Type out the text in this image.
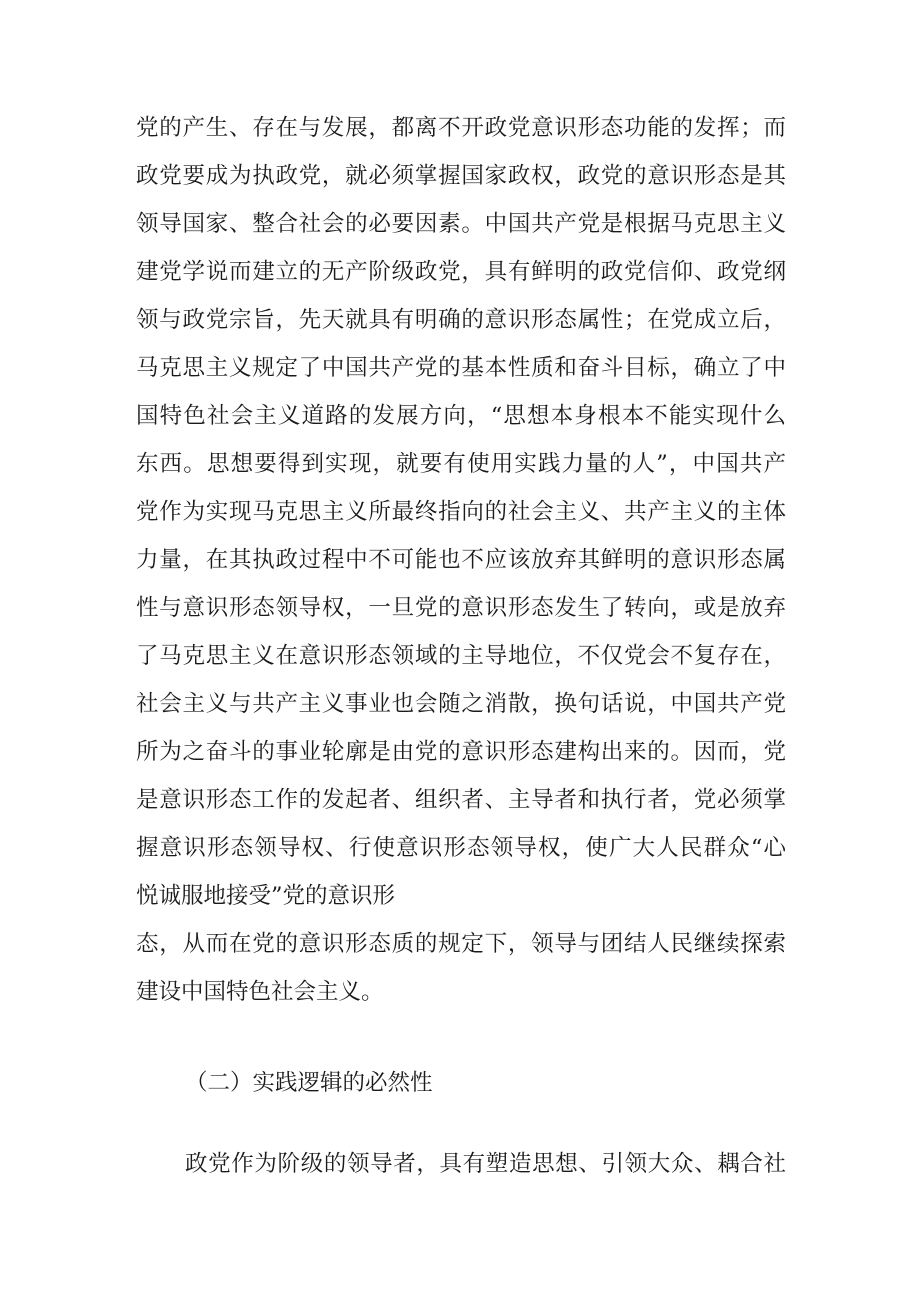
党的产生、存在与发展，都离不开政党意识形态功能的发挥；而
政党要成为执政党，就必须掌握国家政权，政党的意识形态是其
领导国家、整合社会的必要因素。中国共产党是根据马克思主义
建党学说而建立的无产阶级政党，具有鲜明的政党信仰、政党纲
领与政党宗旨，先天就具有明确的意识形态属性；在党成立后，
马克思主义规定了中国共产党的基本性质和奋斗目标，确立了中
国特色社会主义道路的发展方向，“思想本身根本不能实现什么
东西。思想要得到实现，就要有使用实践力量的人”，中国共产
党作为实现马克思主义所最终指向的社会主义、共产主义的主体
力量，在其执政过程中不可能也不应该放弃其鲜明的意识形态属
性与意识形态领导权，一旦党的意识形态发生了转向，或是放弃
了马克思主义在意识形态领域的主导地位，不仅党会不复存在，
社会主义与共产主义事业也会随之消散，换句话说，中国共产党
所为之奋斗的事业轮廓是由党的意识形态建构出来的。因而，党
是意识形态工作的发起者、组织者、主导者和执行者，党必须掌
握意识形态领导权、行使意识形态领导权，使广大人民群众“心
悦诚服地接受”党的意识形
态，从而在党的意识形态质的规定下，领导与团结人民继续探索
建设中国特色社会主义。
（二）实践逻辑的必然性
政党作为阶级的领导者，具有塑造思想、引领大众、耦合社
